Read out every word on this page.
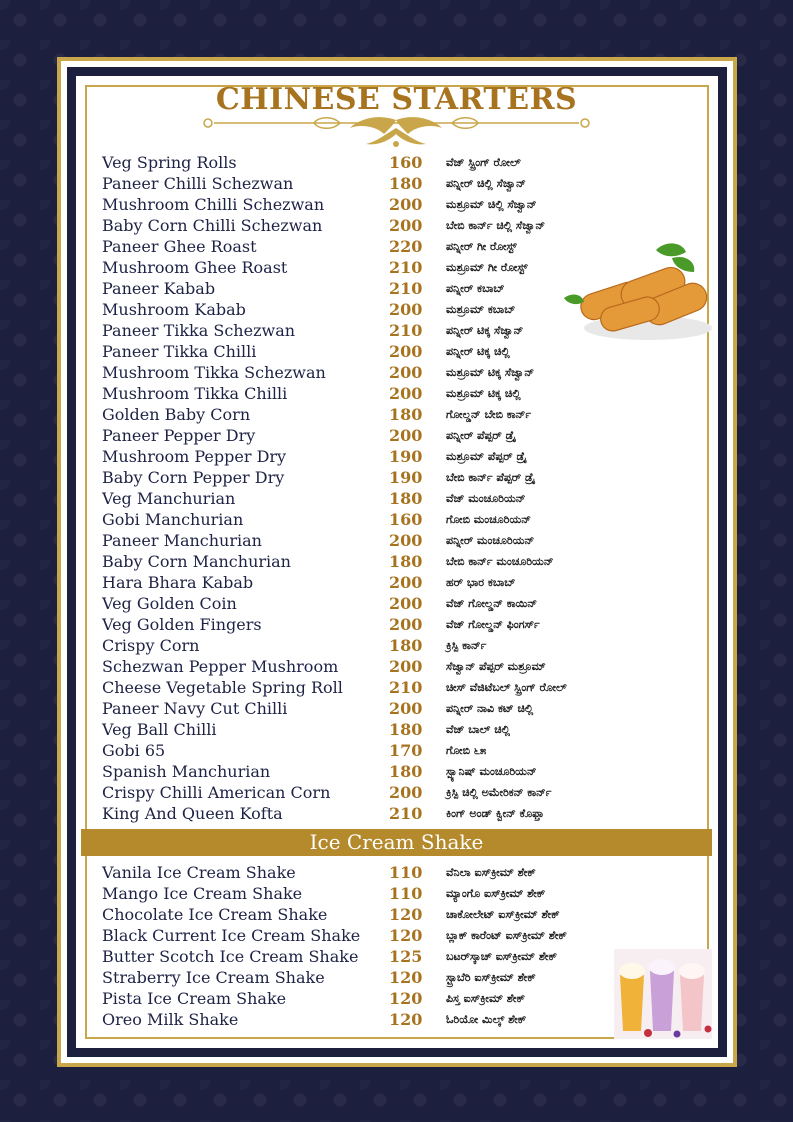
CHINESE STARTERS
Veg Spring Rolls	160 ವೆಜ್ ಸ್ಪ್ರಿಂಗ್ ರೋಲ್
Paneer Chilli Schezwan	180 ಪನ್ನೀರ್ ಚಿಲ್ಲಿ ಸೆಜ್ವಾನ್
Mushroom Chilli Schezwan	200 ಮಶ್ರೂಮ್ ಚಿಲ್ಲಿ ಸೆಜ್ವಾನ್
Baby Corn Chilli Schezwan	200 ಬೇಬಿ ಕಾರ್ನ್ ಚಿಲ್ಲಿ ಸೆಜ್ವಾನ್
Paneer Ghee Roast	220 ಪನ್ನೀರ್ ಗೀ ರೋಸ್ಟ್
Mushroom Ghee Roast	210 ಮಶ್ರೂಮ್ ಗೀ ರೋಸ್ಟ್
Paneer Kabab	210 ಪನ್ನೀರ್ ಕಬಾಬ್
Mushroom Kabab	200 ಮಶ್ರೂಮ್ ಕಬಾಬ್
Paneer Tikka Schezwan	210 ಪನ್ನೀರ್ ಟಿಕ್ಕ ಸೆಜ್ವಾನ್
Paneer Tikka Chilli	200 ಪನ್ನೀರ್ ಟಿಕ್ಕ ಚಿಲ್ಲಿ
Mushroom Tikka Schezwan	200 ಮಶ್ರೂಮ್ ಟಿಕ್ಕ ಸೆಜ್ವಾನ್
Mushroom Tikka Chilli	200 ಮಶ್ರೂಮ್ ಟಿಕ್ಕ ಚಿಲ್ಲಿ
Golden Baby Corn	180 ಗೋಲ್ಡನ್ ಬೇಬಿ ಕಾರ್ನ್
Paneer Pepper Dry	200 ಪನ್ನೀರ್ ಪೆಪ್ಪರ್ ಡ್ರೈ
Mushroom Pepper Dry	190 ಮಶ್ರೂಮ್ ಪೆಪ್ಪರ್ ಡ್ರೈ
Baby Corn Pepper Dry	190 ಬೇಬಿ ಕಾರ್ನ್ ಪೆಪ್ಪರ್ ಡ್ರೈ
Veg Manchurian	180 ವೆಜ್ ಮಂಚೂರಿಯನ್
Gobi Manchurian	160 ಗೋಬಿ ಮಂಚೂರಿಯನ್
Paneer Manchurian	200 ಪನ್ನೀರ್ ಮಂಚೂರಿಯನ್
Baby Corn Manchurian	180 ಬೇಬಿ ಕಾರ್ನ್ ಮಂಚೂರಿಯನ್
Hara Bhara Kabab	200 ಹರ್ ಭಾರ ಕಬಾಬ್
Veg Golden Coin	200 ವೆಜ್ ಗೋಲ್ಡನ್ ಕಾಯಿನ್
Veg Golden Fingers	200 ವೆಜ್ ಗೋಲ್ಡನ್ ಫಿಂಗರ್ಸ್
Crispy Corn	180 ಕ್ರಿಸ್ಪಿ ಕಾರ್ನ್
Schezwan Pepper Mushroom	200 ಸೆಜ್ವಾನ್ ಪೆಪ್ಪರ್ ಮಶ್ರೂಮ್
Cheese Vegetable Spring Roll	210 ಚೀಸ್ ವೆಜಿಟೆಬಲ್ ಸ್ಪ್ರಿಂಗ್ ರೋಲ್
Paneer Navy Cut Chilli	200 ಪನ್ನೀರ್ ನಾವಿ ಕಟ್ ಚಿಲ್ಲಿ
Veg Ball Chilli	180 ವೆಜ್ ಬಾಲ್ ಚಿಲ್ಲಿ
Gobi 65	170 ಗೋಬಿ ೬೫
Spanish Manchurian	180 ಸ್ಪ್ಯಾನಿಷ್ ಮಂಚೂರಿಯನ್
Crispy Chilli American Corn	200 ಕ್ರಿಸ್ಪಿ ಚಿಲ್ಲಿ ಅಮೇರಿಕನ್ ಕಾರ್ನ್
King And Queen Kofta	210 ಕಿಂಗ್ ಅಂಡ್ ಕ್ವೀನ್ ಕೊಫ್ತಾ
Ice Cream Shake
Vanila Ice Cream Shake	110 ವೆನಿಲಾ ಐಸ್‌ಕ್ರೀಮ್ ಶೇಕ್
Mango Ice Cream Shake	110 ಮ್ಯಾಂಗೊ ಐಸ್‌ಕ್ರೀಮ್ ಶೇಕ್
Chocolate Ice Cream Shake	120 ಚಾಕೋಲೇಟ್ ಐಸ್‌ಕ್ರೀಮ್ ಶೇಕ್
Black Current Ice Cream Shake 120 ಬ್ಲಾಕ್ ಕಾರೆಂಟ್ ಐಸ್‌ಕ್ರೀಮ್ ಶೇಕ್
Butter Scotch Ice Cream Shake 125 ಬಟರ್‌ಸ್ಕಾಚ್ ಐಸ್‌ಕ್ರೀಮ್ ಶೇಕ್
Straberry Ice Cream Shake	120 ಸ್ಟ್ರಾಬೆರಿ ಐಸ್‌ಕ್ರೀಮ್ ಶೇಕ್
Pista Ice Cream Shake	120 ಪಿಸ್ತ ಐಸ್‌ಕ್ರೀಮ್ ಶೇಕ್
Oreo Milk Shake	120 ಓರಿಯೋ ಮಿಲ್ಕ್ ಶೇಕ್
